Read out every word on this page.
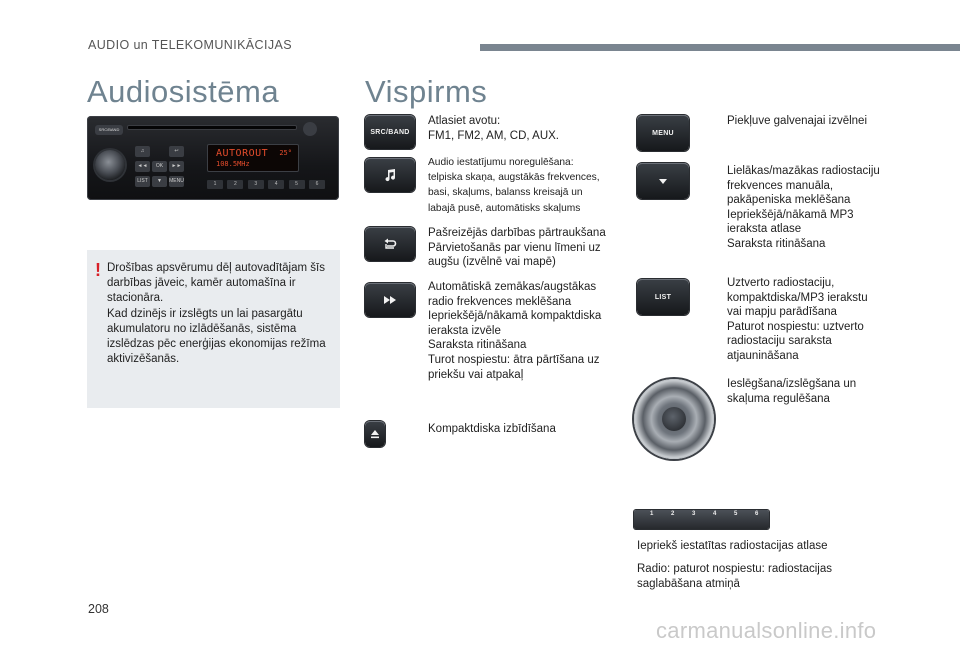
AUDIO un TELEKOMUNIKĀCIJAS
Audiosistēma
SRC/BAND
♫	↩
◄◄	OK	►►
LIST	▼	MENU
AUTOROUT 25°
108.5MHz
1	2	3	4	5	6
! Drošības apsvērumu dēļ autovadītājam šīs darbības jāveic, kamēr automašīna ir stacionāra.
Kad dzinējs ir izslēgts un lai pasargātu akumulatoru no izlādēšanās, sistēma izslēdzas pēc enerģijas ekonomijas režīma aktivizēšanās.
Vispirms
SRC/BAND
Atlasiet avotu:
FM1, FM2, AM, CD, AUX.
Audio iestatījumu noregulēšana:
telpiska skaņa, augstākās frekvences,
basi, skaļums, balanss kreisajā un
labajā pusē, automātisks skaļums
Pašreizējās darbības pārtraukšana
Pārvietošanās par vienu līmeni uz
augšu (izvēlnē vai mapē)
Automātiskā zemākas/augstākas
radio frekvences meklēšana
Iepriekšējā/nākamā kompaktdiska
ieraksta izvēle
Saraksta ritināšana
Turot nospiestu: ātra pārtīšana uz
priekšu vai atpakaļ
Kompaktdiska izbīdīšana
MENU
Piekļuve galvenajai izvēlnei
Lielākas/mazākas radiostaciju
frekvences manuāla,
pakāpeniska meklēšana
Iepriekšējā/nākamā MP3
ieraksta atlase
Saraksta ritināšana
LIST
Uztverto radiostaciju,
kompaktdiska/MP3 ierakstu
vai mapju parādīšana
Paturot nospiestu: uztverto
radiostaciju saraksta
atjaunināšana
Ieslēgšana/izslēgšana un
skaļuma regulēšana
1	2	3	4	5	6
Iepriekš iestatītas radiostacijas atlase
Radio: paturot nospiestu: radiostacijas
saglabāšana atmiņā
208
carmanualsonline.info
